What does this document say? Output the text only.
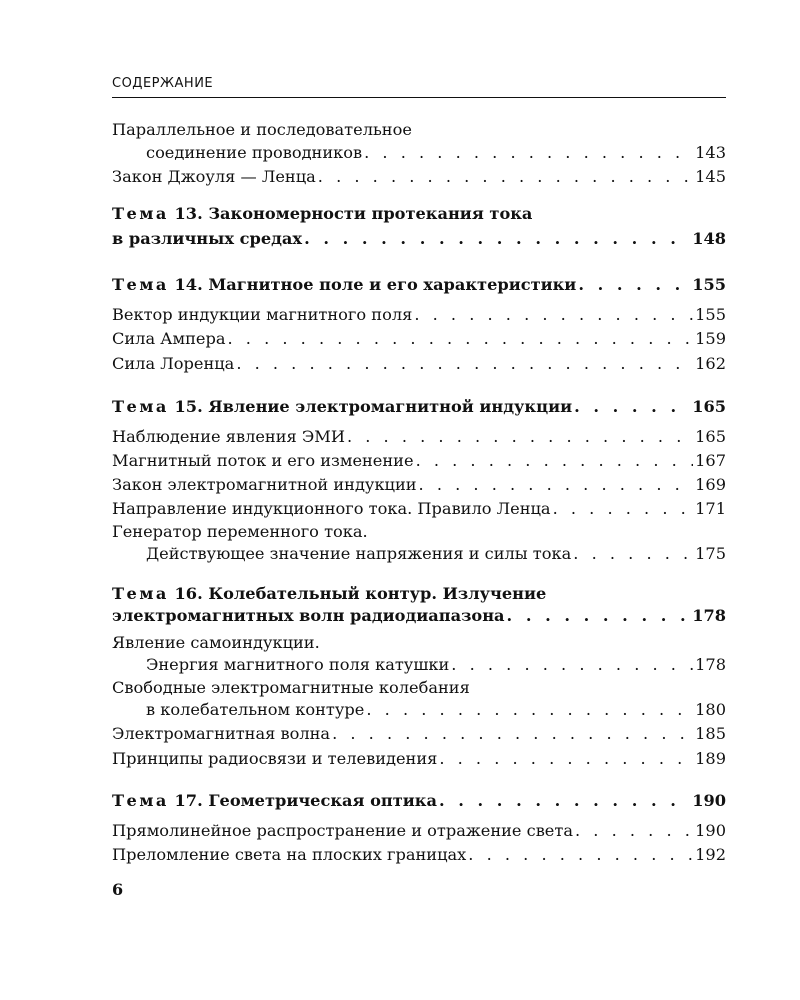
СОДЕРЖАНИЕ
Параллельное и последовательное
соединение проводников . . .	143
Закон Джоуля — Ленца . . .	145
Тема 13. Закономерности протекания тока
в различных средах . . .	148
Тема 14. Магнитное поле и его характеристики . . .	155
Вектор индукции магнитного поля . . .	155
Сила Ампера . . .	159
Сила Лоренца . . .	162
Тема 15. Явление электромагнитной индукции . . .	165
Наблюдение явления ЭМИ . . .	165
Магнитный поток и его изменение . . .	167
Закон электромагнитной индукции . . .	169
Направление индукционного тока. Правило Ленца . . .	171
Генератор переменного тока.
Действующее значение напряжения и силы тока . . .	175
Тема 16. Колебательный контур. Излучение
электромагнитных волн радиодиапазона . . .	178
Явление самоиндукции.
Энергия магнитного поля катушки . . .	178
Свободные электромагнитные колебания
в колебательном контуре . . .	180
Электромагнитная волна . . .	185
Принципы радиосвязи и телевидения . . .	189
Тема 17. Геометрическая оптика . . .	190
Прямолинейное распространение и отражение света . . .	190
Преломление света на плоских границах . . .	192
6
